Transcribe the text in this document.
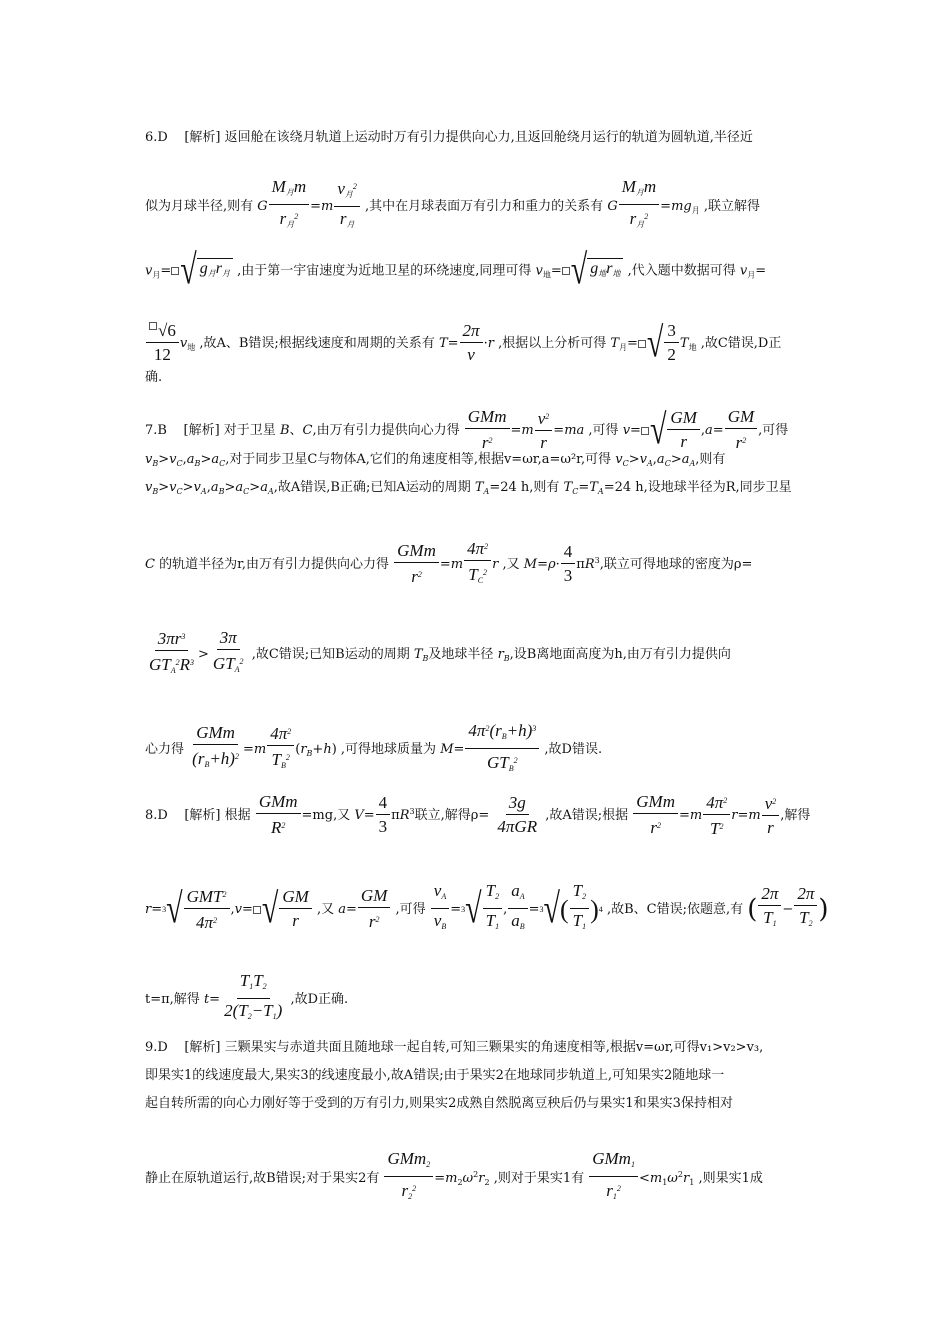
6.D [解析] 返回舱在该绕月轨道上运动时万有引力提供向心力,且返回舱绕月运行的轨道为圆轨道,半径近
似为月球半径,则有 G
$M_月m$
$r_月^2$
=m
$v_月^2$
$r_月$
,其中在月球表面万有引力和重力的关系有 G
$M_月m$
$r_月^2$
$=mg_月$ ,联立解得
$v_月=$ √ $g_月r_月$ ,由于第一宇宙速度为近地卫星的环绕速度,同理可得 $v_地=$ √ $g_地r_地$ ,代入题中数据可得 $v_月=$
$\frac{√6}{12} v_地$ ,故A、B错误;根据线速度和周期的关系有 $T= \frac{2\pi}{v} \cdot r$ ,根据以上分析可得 $T_月=$ √ 3
2
$T_地$ ,故C错误,D正
确.
7.B [解析] 对于卫星 B、C,由万有引力提供向心力得
GMm
$r^2$
$=m \frac{v^2}{r} =ma$ ,可得 v= √ GM
r
$,a= \frac{GM}{r^2}$ ,可得
$v_B>v_C,a_B>a_C$,对于同步卫星C与物体A,它们的角速度相等,根据v=ωr,a=ω²r,可得 $v_C>v_A,a_C>a_A$,则有
$v_B>v_C>v_A,a_B>a_C>a_A$,故A错误,B正确;已知A运动的周期 $T_A=24$ h,则有 $T_C=T_A=24$ h,设地球半径为R,同步卫星
C 的轨道半径为r,由万有引力提供向心力得
GMm
$r^2$
$=m \frac{4\pi^2}{T_C^2}$ r ,又 $M=\rho\cdot \frac{4}{3} \pi R^3$,联立可得地球的密度为ρ=
$3\pi r^3$
$GT_A^2R^3$
>
3π
$GT_A^2$ ,故C错误;已知B运动的周期 $T_B$及地球半径 $r_B$,设B离地面高度为h,由万有引力提供向
心力得
GMm
$(r_B+h)^2 =m \frac{4\pi^2}{T_B^2} (r_B+h)$ ,可得地球质量为 M=
$4\pi^2(r_B+h)^3$
$GT_B^2$
,故D错误.
8.D [解析] 根据
GMm
$R^2$
=mg,又 $V= \frac{4}{3} \pi R^3$联立,解得ρ=
3g
4πGR
,故A错误;根据
GMm
$r^2$
$=m \frac{4\pi^2}{T^2} r=m \frac{v^2}{r}$ ,解得
r= 3 √ GMT$^2$
$4\pi^2$
,v= √ GM
r
,又 $a= \frac{GM}{r^2}$ ,可得 $\frac{v_A}{v_B} = 3$ √ $T_2$
$T_1$
, $\frac{a_A}{a_B} = 3$ √ (
$T_2$
$T_1$
) 4 ,故B、C错误;依题意,有 ( $\frac{2\pi}{T_1} - \frac{2\pi}{T_2}$ )
t=π,解得 $t= \frac{T_1T_2}{2(T_2-T_1)}$ ,故D正确.
9.D [解析] 三颗果实与赤道共面且随地球一起自转,可知三颗果实的角速度相等,根据v=ωr,可得v₁>v₂>v₃,
即果实1的线速度最大,果实3的线速度最小,故A错误;由于果实2在地球同步轨道上,可知果实2随地球一
起自转所需的向心力刚好等于受到的万有引力,则果实2成熟自然脱离豆秧后仍与果实1和果实3保持相对
静止在原轨道运行,故B错误;对于果实2有
GMm$_2$
$r_2^2$
$=m_2\omega^2r_2$ ,则对于果实1有
GMm$_1$
$r_1^2$
$<m_1\omega^2r_1$ ,则果实1成
